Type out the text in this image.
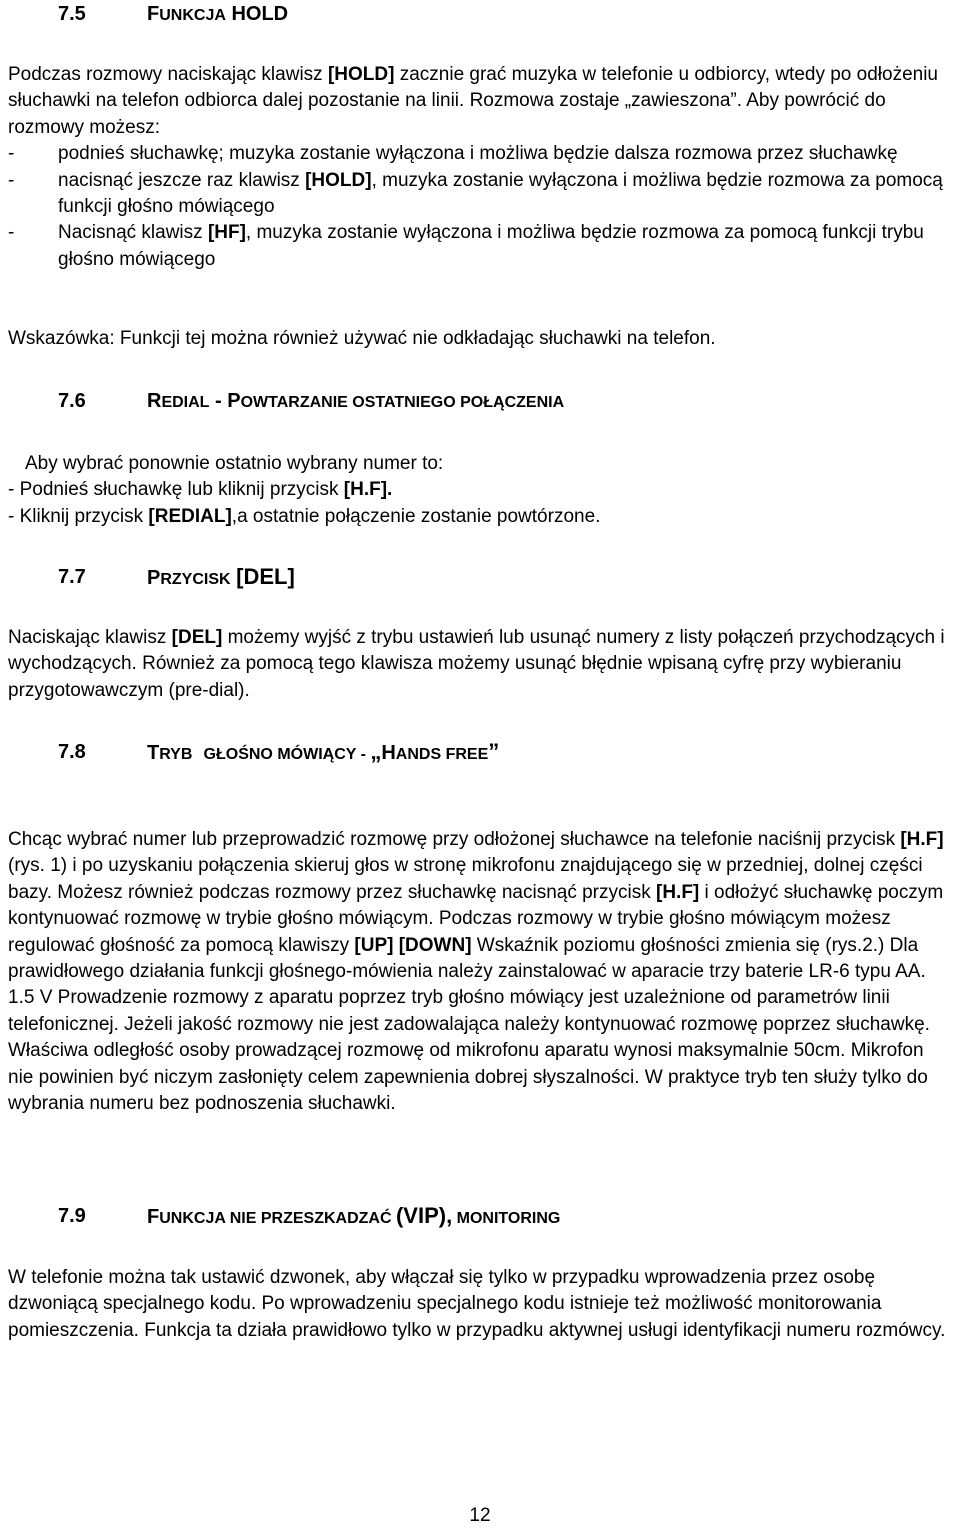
7.5	FUNKCJA HOLD

Podczas rozmowy naciskając klawisz [HOLD] zacznie grać muzyka w telefonie u odbiorcy, wtedy po odłożeniu słuchawki na telefon odbiorca dalej pozostanie na linii. Rozmowa zostaje „zawieszona”. Aby powrócić do rozmowy możesz:

- podnieś słuchawkę; muzyka zostanie wyłączona i możliwa będzie dalsza rozmowa przez słuchawkę
- nacisnąć jeszcze raz klawisz [HOLD], muzyka zostanie wyłączona i możliwa będzie rozmowa za pomocą funkcji głośno mówiącego
- Nacisnąć klawisz [HF], muzyka zostanie wyłączona i możliwa będzie rozmowa za pomocą funkcji trybu głośno mówiącego

Wskazówka: Funkcji tej można również używać nie odkładając słuchawki na telefon.

7.6	REDIAL - POWTARZANIE OSTATNIEGO POŁĄCZENIA

Aby wybrać ponownie ostatnio wybrany numer to:

- Podnieś słuchawkę lub kliknij przycisk [H.F].

- Kliknij przycisk [REDIAL],a ostatnie połączenie zostanie powtórzone.

7.7	PRZYCISK [DEL]

Naciskając klawisz [DEL] możemy wyjść z trybu ustawień lub usunąć numery z listy połączeń przychodzących i wychodzących. Również za pomocą tego klawisza możemy usunąć błędnie wpisaną cyfrę przy wybieraniu przygotowawczym (pre-dial).

7.8	TRYB GŁOŚNO MÓWIĄCY - „HANDS FREE”

Chcąc wybrać numer lub przeprowadzić rozmowę przy odłożonej słuchawce na telefonie naciśnij przycisk [H.F] (rys. 1) i po uzyskaniu połączenia skieruj głos w stronę mikrofonu znajdującego się w przedniej, dolnej części bazy. Możesz również podczas rozmowy przez słuchawkę nacisnąć przycisk [H.F] i odłożyć słuchawkę poczym kontynuować rozmowę w trybie głośno mówiącym. Podczas rozmowy w trybie głośno mówiącym możesz regulować głośność za pomocą klawiszy [UP] [DOWN] Wskaźnik poziomu głośności zmienia się (rys.2.) Dla prawidłowego działania funkcji głośnego-mówienia należy zainstalować w aparacie trzy baterie LR-6 typu AA. 1.5 V Prowadzenie rozmowy z aparatu poprzez tryb głośno mówiący jest uzależnione od parametrów linii telefonicznej. Jeżeli jakość rozmowy nie jest zadowalająca należy kontynuować rozmowę poprzez słuchawkę. Właściwa odległość osoby prowadzącej rozmowę od mikrofonu aparatu wynosi maksymalnie 50cm. Mikrofon nie powinien być niczym zasłonięty celem zapewnienia dobrej słyszalności. W praktyce tryb ten służy tylko do wybrania numeru bez podnoszenia słuchawki.

7.9	FUNKCJA NIE PRZESZKADZAĆ (VIP), MONITORING

W telefonie można tak ustawić dzwonek, aby włączał się tylko w przypadku wprowadzenia przez osobę dzwoniącą specjalnego kodu. Po wprowadzeniu specjalnego kodu istnieje też możliwość monitorowania pomieszczenia. Funkcja ta działa prawidłowo tylko w przypadku aktywnej usługi identyfikacji numeru rozmówcy.

12
